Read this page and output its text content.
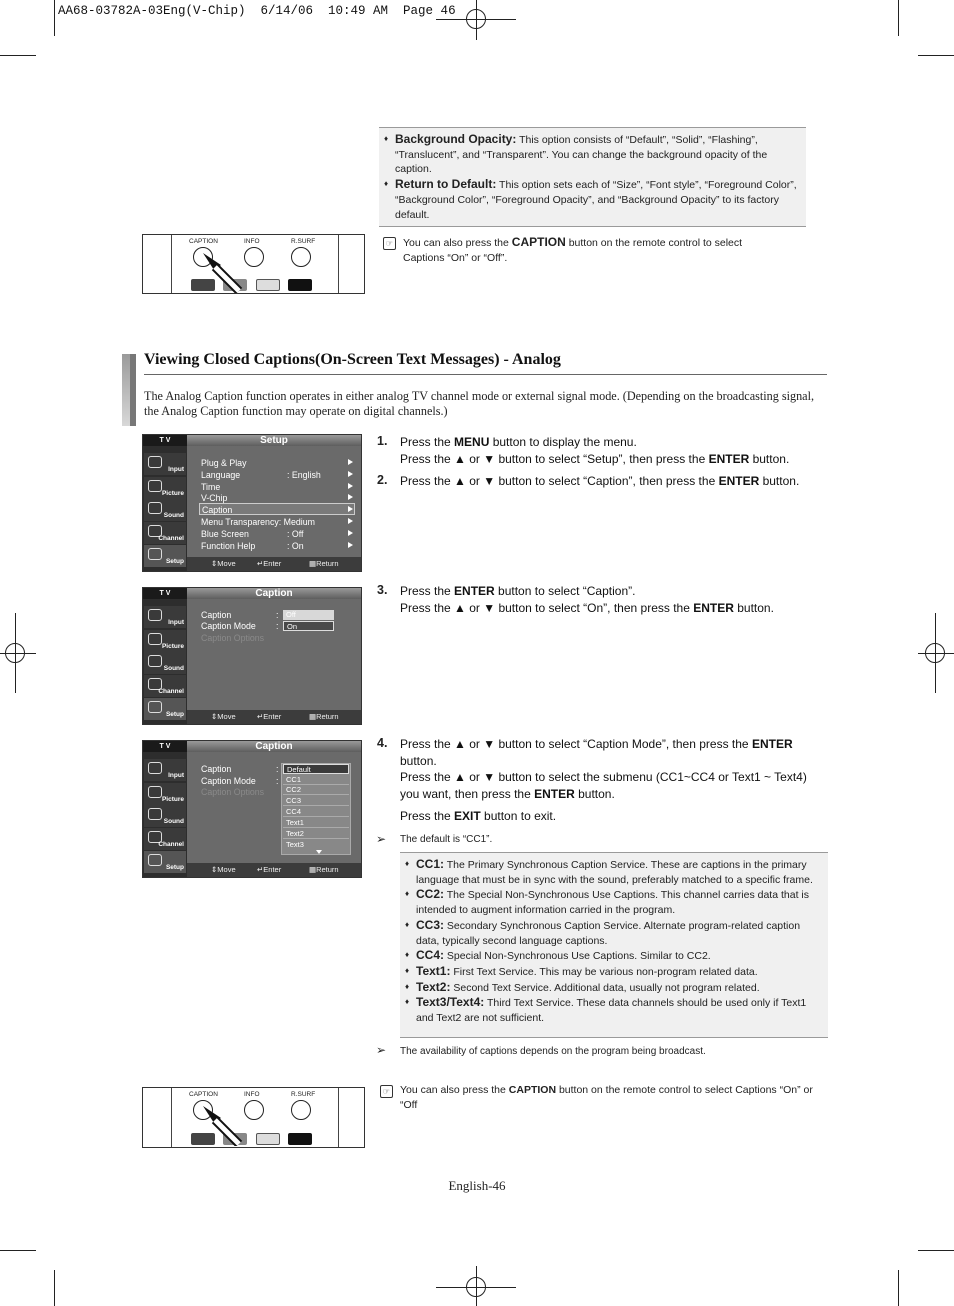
AA68-03782A-03Eng(V-Chip)  6/14/06  10:49 AM  Page 46
♦ Background Opacity: This option consists of “Default”, “Solid”, “Flashing”, “Translucent”, and “Transparent”. You can change the background opacity of the caption.
♦ Return to Default: This option sets each of “Size”, “Font style”, “Foreground Color”, “Background Color”, “Foreground Opacity”, and “Background Opacity” to its factory default.
CAPTION	INFO	R.SURF	☞ You can also press the CAPTION button on the remote control to select Captions “On” or “Off”.
Viewing Closed Captions(On-Screen Text Messages) - Analog
The Analog Caption function operates in either analog TV channel mode or external signal mode. (Depending on the broadcasting signal, the Analog Caption function may operate on digital channels.)
T V	Setup
Input
Picture
Sound
Channel
Setup
Plug & Play
Language	: English
Time
V-Chip
Caption
Menu Transparency: Medium
Blue Screen	: Off
Function Help	: On
⇕ Move	↵ Enter	▦ Return
T V	Caption
Input
Picture
Sound
Channel
Setup
Caption	:
Caption Mode :
Caption Options
Off
On
⇕ Move	↵ Enter	▦ Return
T V	Caption
Input
Picture
Sound
Channel
Setup
Caption	:
Caption Mode :
Caption Options
Default
CC1
CC2
CC3
CC4
Text1
Text2
Text3
⇕ Move	↵ Enter	▦ Return
1. Press the MENU button to display the menu.
Press the ▲ or ▼ button to select “Setup”, then press the ENTER button.
2. Press the ▲ or ▼ button to select “Caption”, then press the ENTER button.
3. Press the ENTER button to select “Caption”.
Press the ▲ or ▼ button to select “On”, then press the ENTER button.
4. Press the ▲ or ▼ button to select “Caption Mode”, then press the ENTER button.
Press the ▲ or ▼ button to select the submenu (CC1~CC4 or Text1 ~ Text4) you want, then press the ENTER button.
Press the EXIT button to exit.
➢ The default is “CC1”.
♦ CC1: The Primary Synchronous Caption Service. These are captions in the primary language that must be in sync with the sound, preferably matched to a specific frame.
♦ CC2: The Special Non-Synchronous Use Captions. This channel carries data that is intended to augment information carried in the program.
♦ CC3: Secondary Synchronous Caption Service. Alternate program-related caption data, typically second language captions.
♦ CC4: Special Non-Synchronous Use Captions. Similar to CC2.
♦ Text1: First Text Service. This may be various non-program related data.
♦ Text2: Second Text Service. Additional data, usually not program related.
♦ Text3/Text4: Third Text Service. These data channels should be used only if Text1 and Text2 are not sufficient.
➢ The availability of captions depends on the program being broadcast.
CAPTION	INFO	R.SURF	☞ You can also press the CAPTION button on the remote control to select Captions “On” or “Off
English-46
